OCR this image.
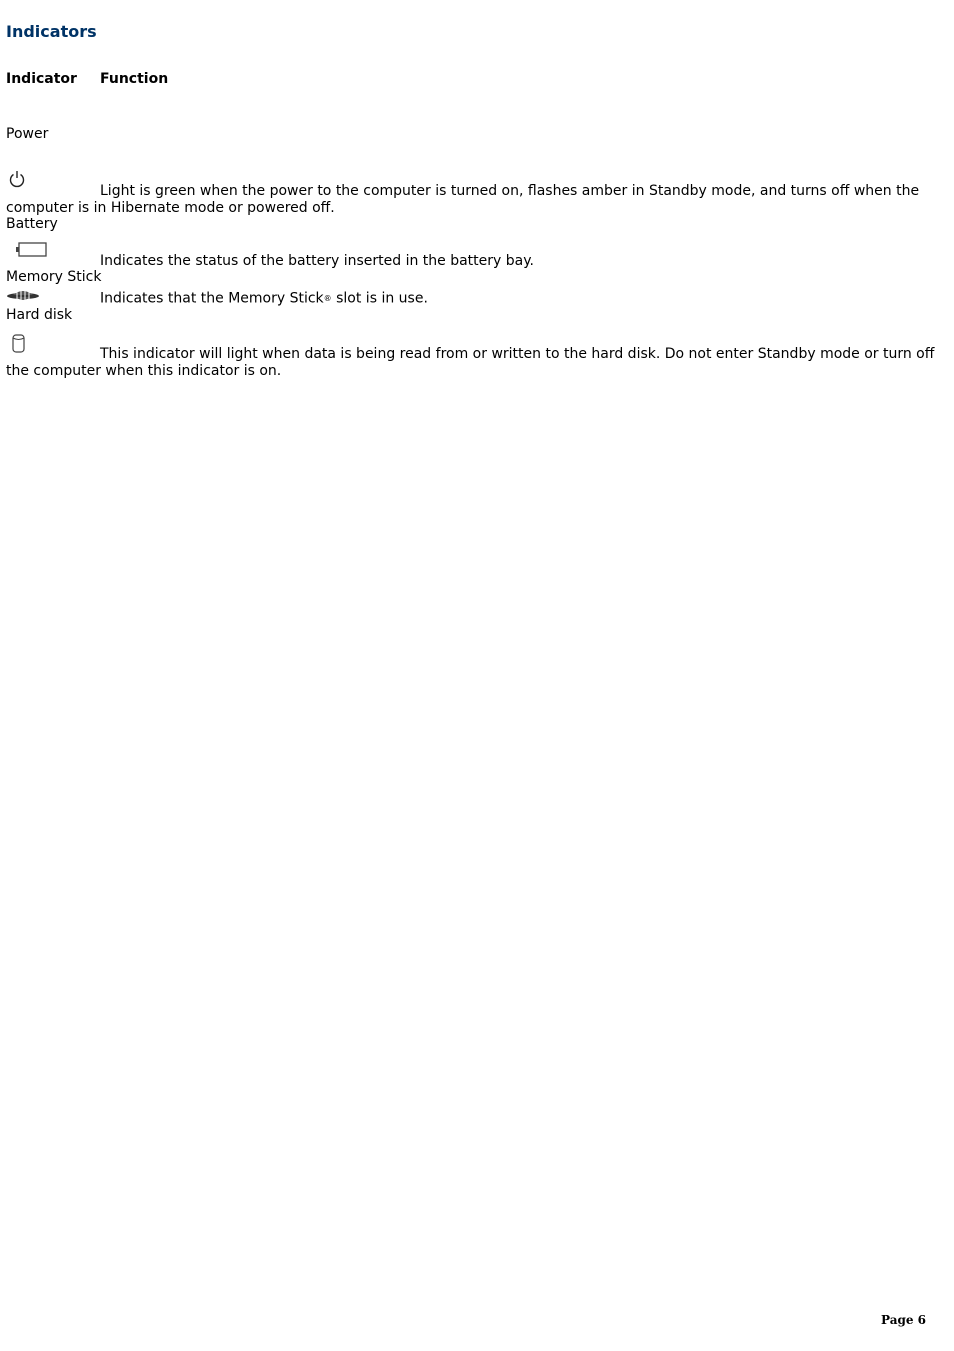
Indicators
Indicator Function
Power

Light is green when the power to the computer is turned on, flashes amber in Standby mode, and turns off when the computer is in Hibernate mode or powered off.

Battery

Indicates the status of the battery inserted in the battery bay.

Memory Stick

Indicates that the Memory Stick® slot is in use.

Hard disk

This indicator will light when data is being read from or written to the hard disk. Do not enter Standby mode or turn off the computer when this indicator is on.

Page 6
